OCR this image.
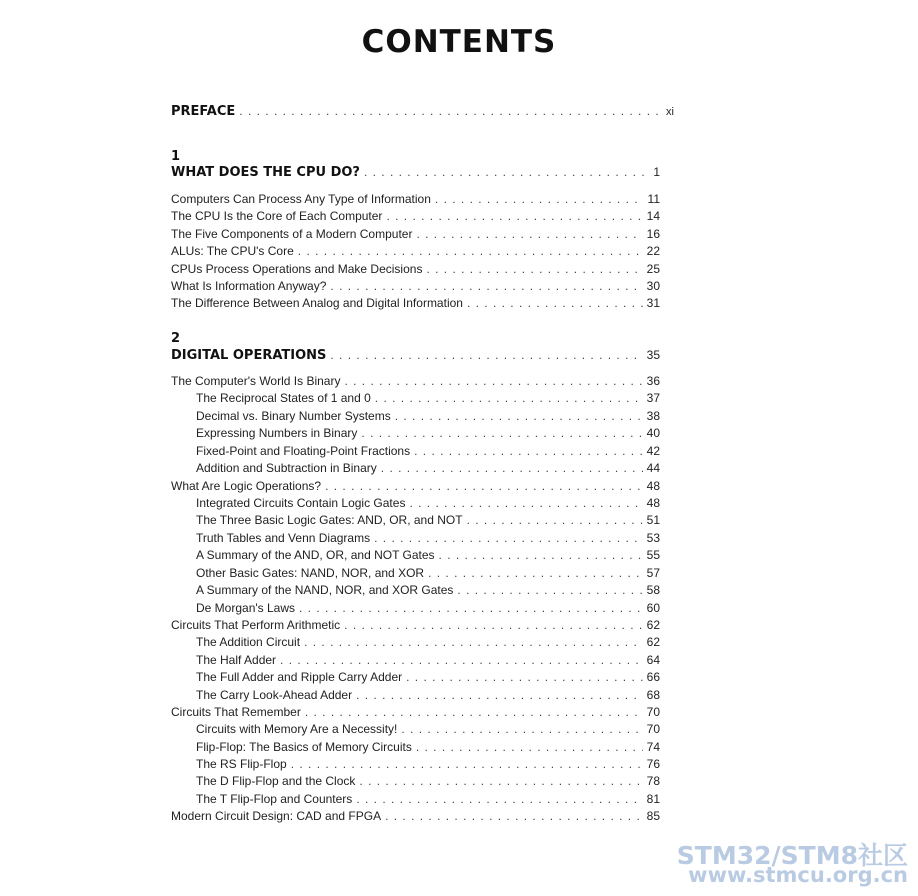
CONTENTS
PREFACE . . .	xi
1
WHAT DOES THE CPU DO? . . .	1
Computers Can Process Any Type of Information . . .	11
The CPU Is the Core of Each Computer . . .	14
The Five Components of a Modern Computer . . .	16
ALUs: The CPU's Core . . .	22
CPUs Process Operations and Make Decisions . . .	25
What Is Information Anyway? . . .	30
The Difference Between Analog and Digital Information . . .	31
2
DIGITAL OPERATIONS . . .	35
The Computer's World Is Binary . . .	36
The Reciprocal States of 1 and 0 . . .	37
Decimal vs. Binary Number Systems . . .	38
Expressing Numbers in Binary . . .	40
Fixed-Point and Floating-Point Fractions . . .	42
Addition and Subtraction in Binary . . .	44
What Are Logic Operations? . . .	48
Integrated Circuits Contain Logic Gates . . .	48
The Three Basic Logic Gates: AND, OR, and NOT . . .	51
Truth Tables and Venn Diagrams . . .	53
A Summary of the AND, OR, and NOT Gates . . .	55
Other Basic Gates: NAND, NOR, and XOR . . .	57
A Summary of the NAND, NOR, and XOR Gates . . .	58
De Morgan's Laws . . .	60
Circuits That Perform Arithmetic . . .	62
The Addition Circuit . . .	62
The Half Adder . . .	64
The Full Adder and Ripple Carry Adder . . .	66
The Carry Look-Ahead Adder . . .	68
Circuits That Remember . . .	70
Circuits with Memory Are a Necessity! . . .	70
Flip-Flop: The Basics of Memory Circuits . . .	74
The RS Flip-Flop . . .	76
The D Flip-Flop and the Clock . . .	78
The T Flip-Flop and Counters . . .	81
Modern Circuit Design: CAD and FPGA . . .	85
STM32/STM8社区
www.stmcu.org.cn
